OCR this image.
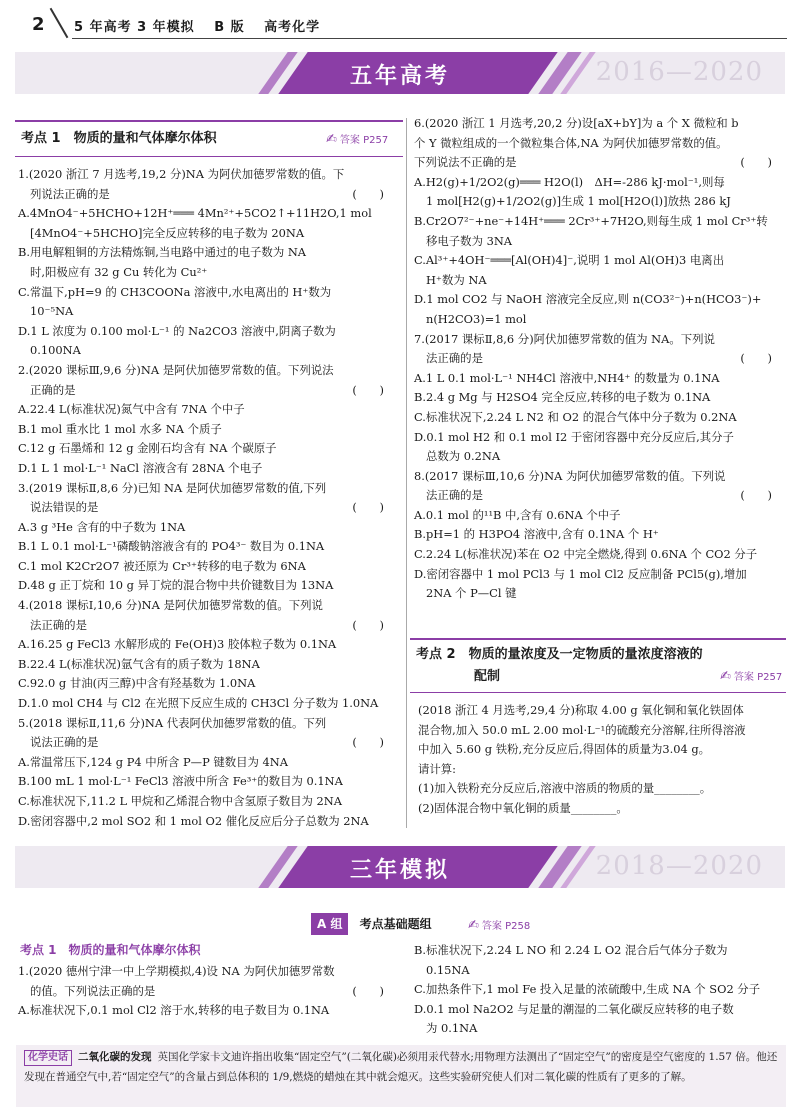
2 5 年高考 3 年模拟 　B 版　 高考化学
五年高考	2016—2020
考点 1　物质的量和气体摩尔体积	✍ 答案 P257

1.(2020 浙江 7 月选考,19,2 分)NA 为阿伏加德罗常数的值。下

列说法正确的是	(　　)

A.4MnO4⁻+5HCHO+12H⁺═══ 4Mn²⁺+5CO2↑+11H2O,1 mol

[4MnO4⁻+5HCHO]完全反应转移的电子数为 20NA

B.用电解粗铜的方法精炼铜,当电路中通过的电子数为 NA

时,阳极应有 32 g Cu 转化为 Cu²⁺

C.常温下,pH=9 的 CH3COONa 溶液中,水电离出的 H⁺数为

10⁻⁵NA

D.1 L 浓度为 0.100 mol·L⁻¹ 的 Na2CO3 溶液中,阴离子数为

0.100NA

2.(2020 课标Ⅲ,9,6 分)NA 是阿伏加德罗常数的值。下列说法

正确的是	(　　)

A.22.4 L(标准状况)氮气中含有 7NA 个中子

B.1 mol 重水比 1 mol 水多 NA 个质子

C.12 g 石墨烯和 12 g 金刚石均含有 NA 个碳原子

D.1 L 1 mol·L⁻¹ NaCl 溶液含有 28NA 个电子

3.(2019 课标Ⅱ,8,6 分)已知 NA 是阿伏加德罗常数的值,下列

说法错误的是	(　　)

A.3 g ³He 含有的中子数为 1NA

B.1 L 0.1 mol·L⁻¹磷酸钠溶液含有的 PO4³⁻ 数目为 0.1NA

C.1 mol K2Cr2O7 被还原为 Cr³⁺转移的电子数为 6NA

D.48 g 正丁烷和 10 g 异丁烷的混合物中共价键数目为 13NA

4.(2018 课标Ⅰ,10,6 分)NA 是阿伏加德罗常数的值。下列说

法正确的是	(　　)

A.16.25 g FeCl3 水解形成的 Fe(OH)3 胶体粒子数为 0.1NA

B.22.4 L(标准状况)氩气含有的质子数为 18NA

C.92.0 g 甘油(丙三醇)中含有羟基数为 1.0NA

D.1.0 mol CH4 与 Cl2 在光照下反应生成的 CH3Cl 分子数为 1.0NA

5.(2018 课标Ⅱ,11,6 分)NA 代表阿伏加德罗常数的值。下列

说法正确的是	(　　)

A.常温常压下,124 g P4 中所含 P—P 键数目为 4NA

B.100 mL 1 mol·L⁻¹ FeCl3 溶液中所含 Fe³⁺的数目为 0.1NA

C.标准状况下,11.2 L 甲烷和乙烯混合物中含氢原子数目为 2NA

D.密闭容器中,2 mol SO2 和 1 mol O2 催化反应后分子总数为 2NA

6.(2020 浙江 1 月选考,20,2 分)设[aX+bY]为 a 个 X 微粒和 b

个 Y 微粒组成的一个微粒集合体,NA 为阿伏加德罗常数的值。

下列说法不正确的是	(　　)

A.H2(g)+1/2O2(g)═══ H2O(l)　ΔH=-286 kJ·mol⁻¹,则每

1 mol[H2(g)+1/2O2(g)]生成 1 mol[H2O(l)]放热 286 kJ

B.Cr2O7²⁻+ne⁻+14H⁺═══ 2Cr³⁺+7H2O,则每生成 1 mol Cr³⁺转

移电子数为 3NA

C.Al³⁺+4OH⁻═══[Al(OH)4]⁻,说明 1 mol Al(OH)3 电离出

H⁺数为 NA

D.1 mol CO2 与 NaOH 溶液完全反应,则 n(CO3²⁻)+n(HCO3⁻)+

n(H2CO3)=1 mol

7.(2017 课标Ⅱ,8,6 分)阿伏加德罗常数的值为 NA。下列说

法正确的是	(　　)

A.1 L 0.1 mol·L⁻¹ NH4Cl 溶液中,NH4⁺ 的数量为 0.1NA

B.2.4 g Mg 与 H2SO4 完全反应,转移的电子数为 0.1NA

C.标准状况下,2.24 L N2 和 O2 的混合气体中分子数为 0.2NA

D.0.1 mol H2 和 0.1 mol I2 于密闭容器中充分反应后,其分子

总数为 0.2NA

8.(2017 课标Ⅲ,10,6 分)NA 为阿伏加德罗常数的值。下列说

法正确的是	(　　)

A.0.1 mol 的¹¹B 中,含有 0.6NA 个中子

B.pH=1 的 H3PO4 溶液中,含有 0.1NA 个 H⁺

C.2.24 L(标准状况)苯在 O2 中完全燃烧,得到 0.6NA 个 CO2 分子

D.密闭容器中 1 mol PCl3 与 1 mol Cl2 反应制备 PCl5(g),增加

2NA 个 P—Cl 键

考点 2　物质的量浓度及一定物质的量浓度溶液的
配制	✍ 答案 P257

(2018 浙江 4 月选考,29,4 分)称取 4.00 g 氧化铜和氧化铁固体

混合物,加入 50.0 mL 2.00 mol·L⁻¹的硫酸充分溶解,往所得溶液

中加入 5.60 g 铁粉,充分反应后,得固体的质量为3.04 g。

请计算:

(1)加入铁粉充分反应后,溶液中溶质的物质的量________。

(2)固体混合物中氧化铜的质量________。

三年模拟	2018—2020
A 组 考点基础题组	✍ 答案 P258
考点 1　物质的量和气体摩尔体积

1.(2020 德州宁津一中上学期模拟,4)设 NA 为阿伏加德罗常数

的值。下列说法正确的是	(　　)

A.标准状况下,0.1 mol Cl2 溶于水,转移的电子数目为 0.1NA

B.标准状况下,2.24 L NO 和 2.24 L O2 混合后气体分子数为

0.15NA

C.加热条件下,1 mol Fe 投入足量的浓硫酸中,生成 NA 个 SO2 分子

D.0.1 mol Na2O2 与足量的潮湿的二氧化碳反应转移的电子数

为 0.1NA

化学史话 二氧化碳的发现 英国化学家卡文迪许指出收集“固定空气”(二氧化碳)必须用汞代替水;用物理方法测出了“固定空气”的密度是空气密度的 1.57 倍。他还发现在普通空气中,若“固定空气”的含量占到总体积的 1/9,燃烧的蜡烛在其中就会熄灭。这些实验研究使人们对二氧化碳的性质有了更多的了解。
